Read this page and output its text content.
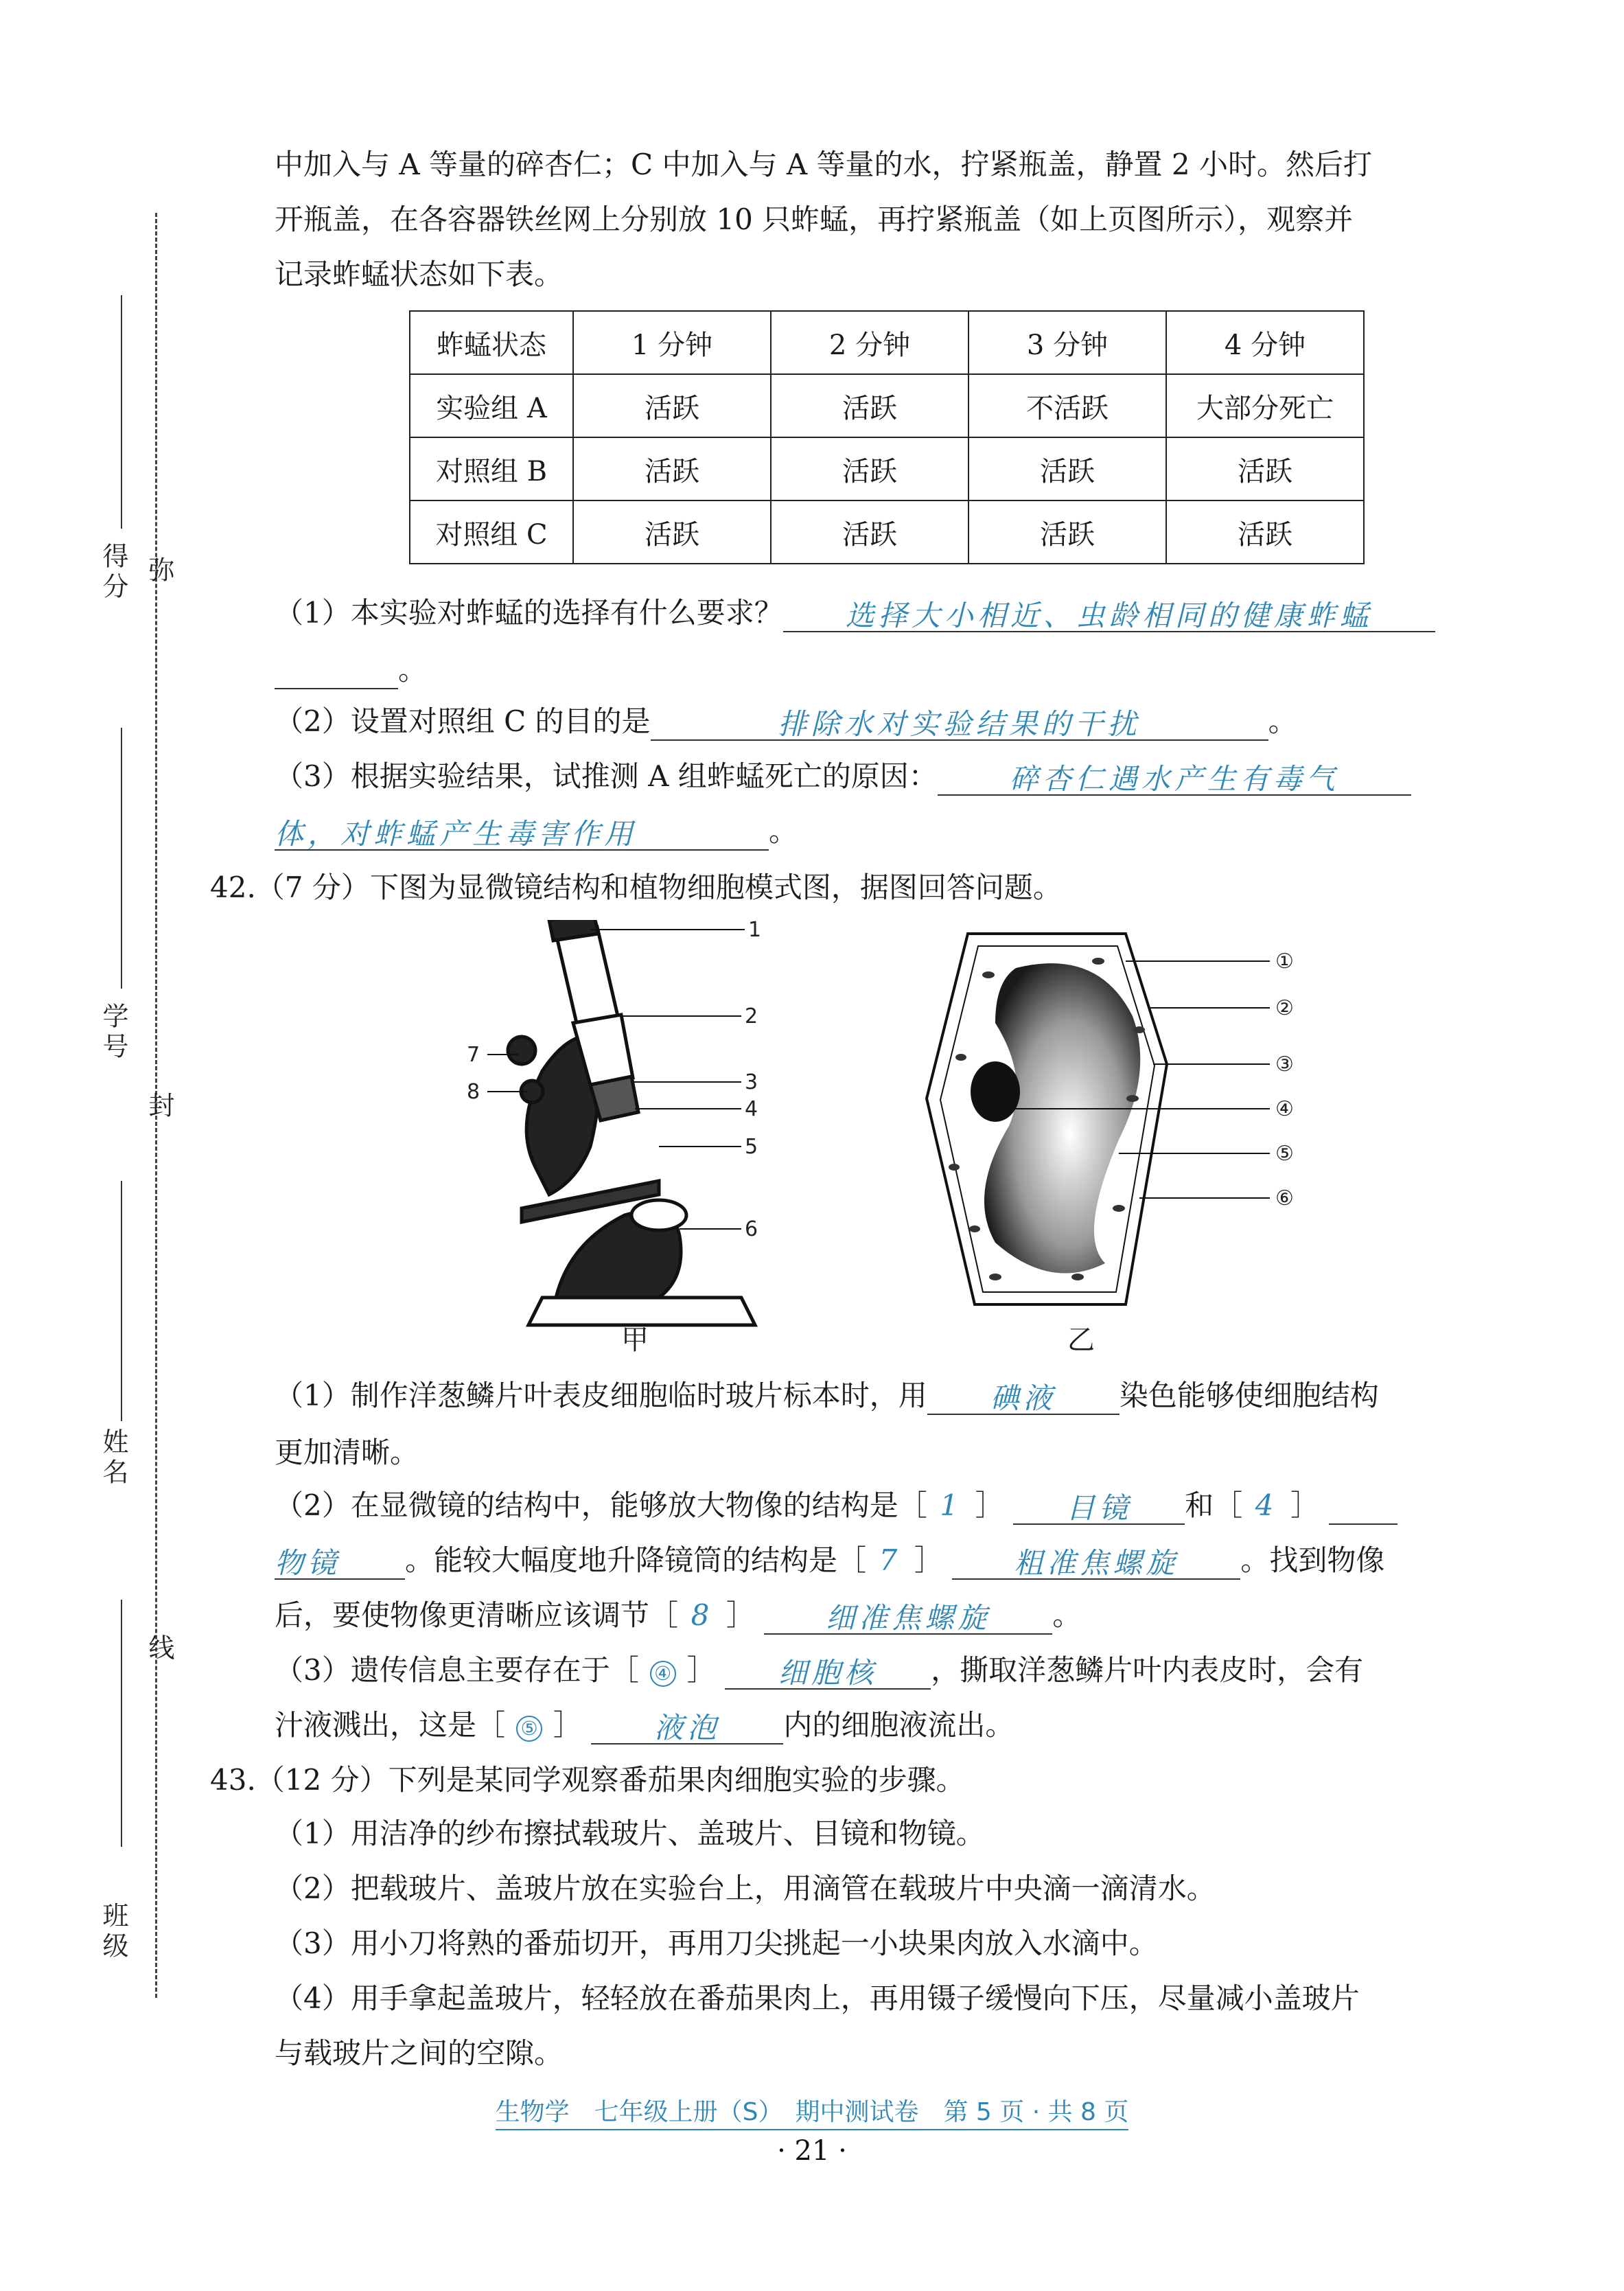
得分 弥
学号
封
姓名
线
班级
中加入与 A 等量的碎杏仁；C 中加入与 A 等量的水，拧紧瓶盖，静置 2 小时。然后打
开瓶盖，在各容器铁丝网上分别放 10 只蚱蜢，再拧紧瓶盖（如上页图所示），观察并
记录蚱蜢状态如下表。
蚱蜢状态	1 分钟	2 分钟	3 分钟	4 分钟
实验组 A	活跃	活跃	不活跃	大部分死亡
对照组 B	活跃	活跃	活跃	活跃
对照组 C	活跃	活跃	活跃	活跃
（1）本实验对蚱蜢的选择有什么要求？ 选择大小相近、虫龄相同的健康蚱蜢
。
（2）设置对照组 C 的目的是	排除水对实验结果的干扰	。
（3）根据实验结果，试推测 A 组蚱蜢死亡的原因： 碎杏仁遇水产生有毒气
体，对蚱蜢产生毒害作用	。
42.（7 分）下图为显微镜结构和植物细胞模式图，据图回答问题。
1
2
3
4
5
6
7
8
甲
①
②
③
④
⑤
⑥
乙
（1）制作洋葱鳞片叶表皮细胞临时玻片标本时，用 碘液 染色能够使细胞结构
更加清晰。
（2）在显微镜的结构中，能够放大物像的结构是［ 1 ］ 目镜 和［ 4 ］
物镜 。能较大幅度地升降镜筒的结构是［ 7 ］ 粗准焦螺旋 。找到物像
后，要使物像更清晰应该调节［ 8 ］ 细准焦螺旋 。
（3）遗传信息主要存在于［ ④ ］ 细胞核 ，撕取洋葱鳞片叶内表皮时，会有
汁液溅出，这是［ ⑤ ］	液泡 内的细胞液流出。
43.（12 分）下列是某同学观察番茄果肉细胞实验的步骤。
（1）用洁净的纱布擦拭载玻片、盖玻片、目镜和物镜。
（2）把载玻片、盖玻片放在实验台上，用滴管在载玻片中央滴一滴清水。
（3）用小刀将熟的番茄切开，再用刀尖挑起一小块果肉放入水滴中。
（4）用手拿起盖玻片，轻轻放在番茄果肉上，再用镊子缓慢向下压，尽量减小盖玻片
与载玻片之间的空隙。
生物学　七年级上册（S）　期中测试卷　第 5 页 · 共 8 页
· 21 ·
